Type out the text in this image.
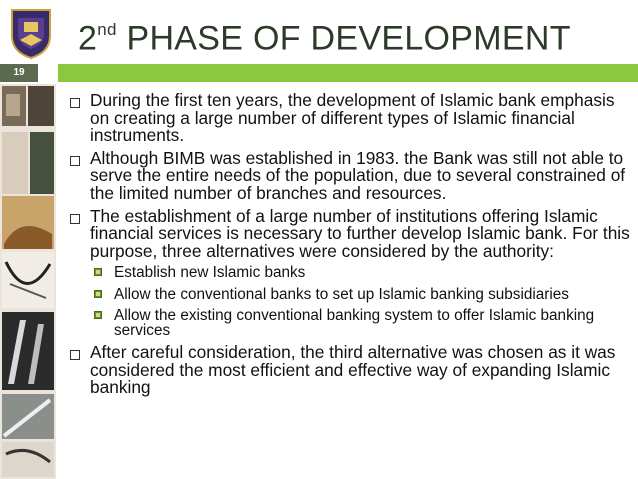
2nd PHASE OF DEVELOPMENT
19
During the first ten years, the development of Islamic bank emphasis on creating a large number of different types of Islamic financial instruments.
Although BIMB was established in 1983. the Bank was still not able to serve the entire needs of the population, due to several constrained of the limited number of branches and resources.
The establishment of a large number of institutions offering Islamic financial services is necessary to further develop Islamic bank. For this purpose, three alternatives were considered by the authority:
Establish new Islamic banks
Allow the conventional banks to set up Islamic banking subsidiaries
Allow the existing conventional banking system to offer Islamic banking services
After careful consideration, the third alternative was chosen as it was considered the most efficient and effective way of expanding Islamic banking
